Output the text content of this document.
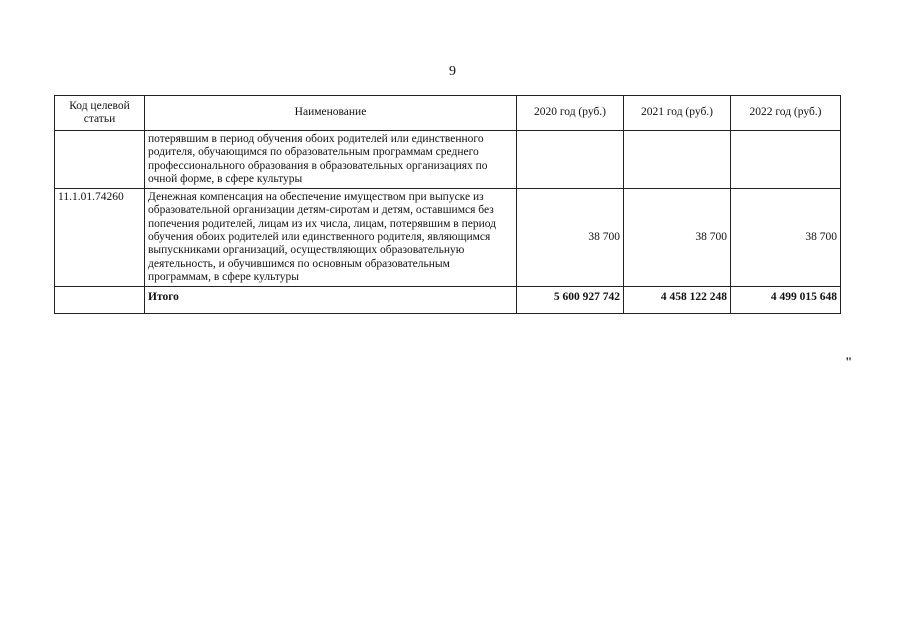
9
Код целевой статьи	Наименование	2020 год (руб.)	2021 год (руб.)	2022 год (руб.)
	потерявшим в период обучения обоих родителей или единственного родителя, обучающимся по образовательным программам среднего профессионального образования в образовательных организациях по очной форме, в сфере культуры			
11.1.01.74260	Денежная компенсация на обеспечение имуществом при выпуске из образовательной организации детям-сиротам и детям, оставшимся без попечения родителей, лицам из их числа, лицам, потерявшим в период обучения обоих родителей или единственного родителя, являющимся выпускниками организаций, осуществляющих образовательную деятельность, и обучившимся по основным образовательным программам, в сфере культуры	38 700	38 700	38 700
	Итого	5 600 927 742	4 458 122 248	4 499 015 648
"
